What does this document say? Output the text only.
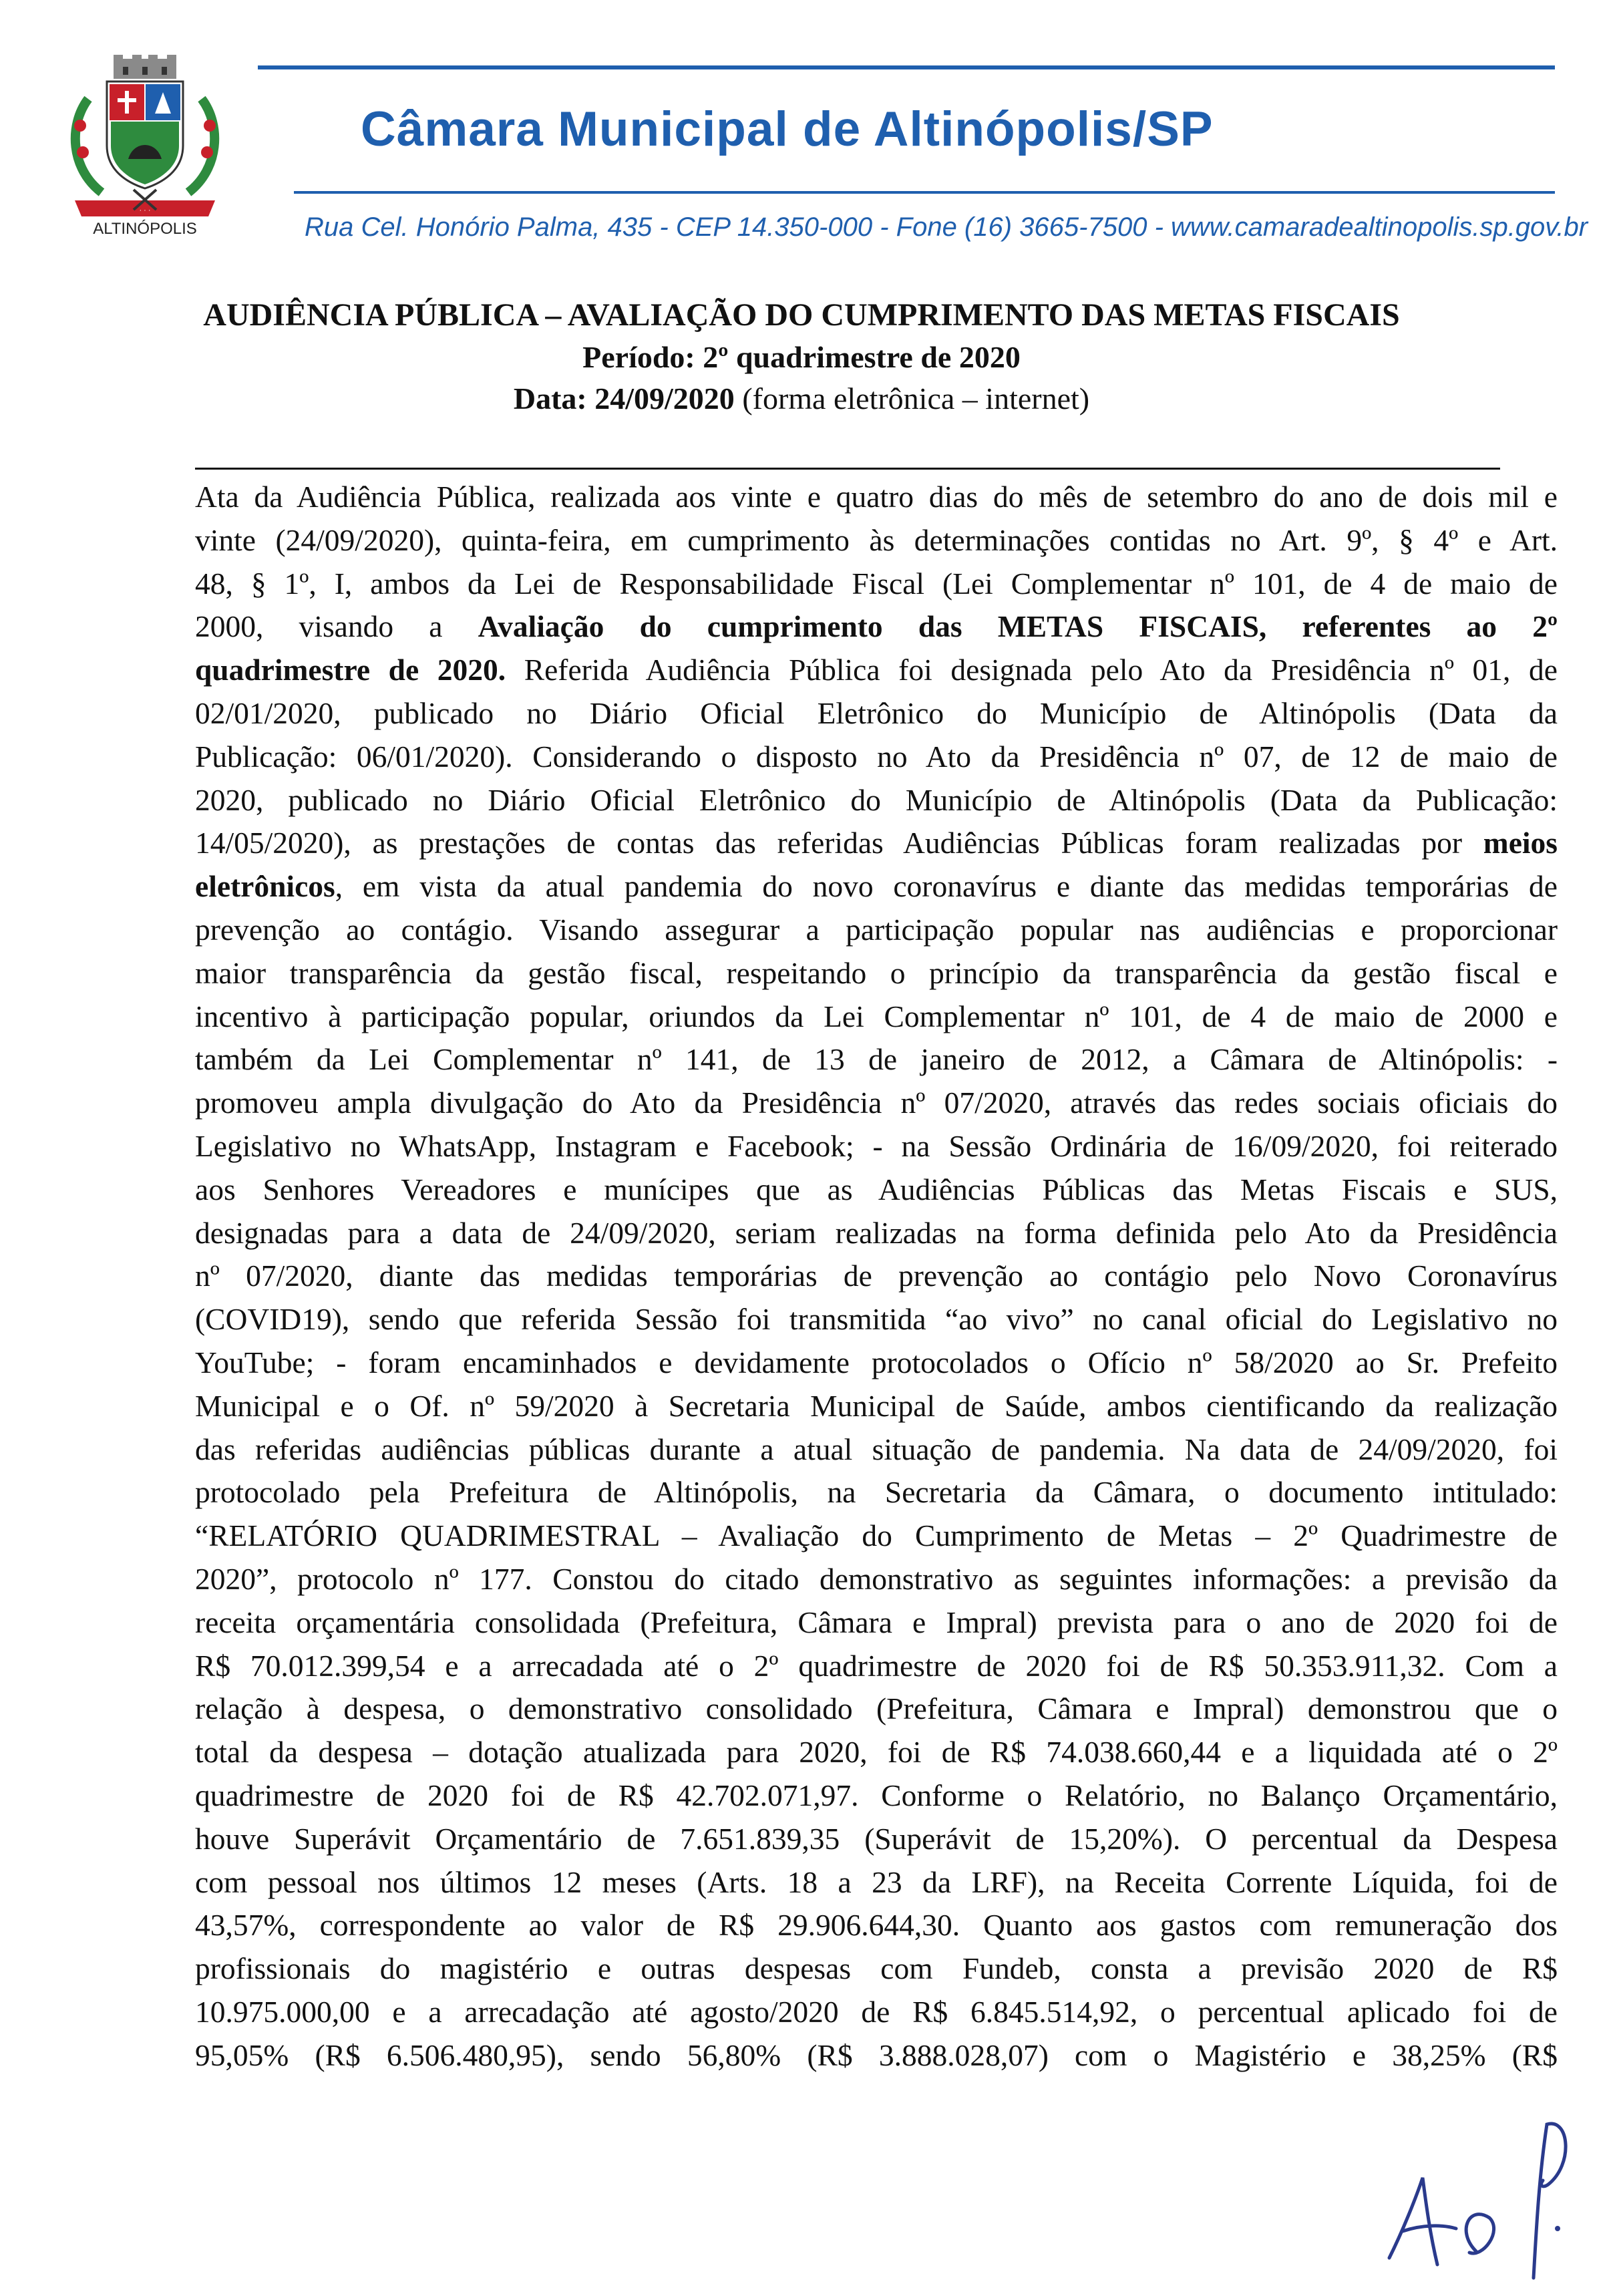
· · ·
ALTINÓPOLIS
Câmara Municipal de Altinópolis/SP
Rua Cel. Honório Palma, 435 - CEP 14.350-000 - Fone (16) 3665-7500 - www.camaradealtinopolis.sp.gov.br
AUDIÊNCIA PÚBLICA – AVALIAÇÃO DO CUMPRIMENTO DAS METAS FISCAIS
Período: 2º quadrimestre de 2020
Data: 24/09/2020 (forma eletrônica – internet)
Ata da Audiência Pública, realizada aos vinte e quatro dias do mês de setembro do ano de dois mil e
vinte (24/09/2020), quinta-feira, em cumprimento às determinações contidas no Art. 9º, § 4º e Art.
48, § 1º, I, ambos da Lei de Responsabilidade Fiscal (Lei Complementar nº 101, de 4 de maio de
2000, visando a Avaliação do cumprimento das METAS FISCAIS, referentes ao 2º
quadrimestre de 2020. Referida Audiência Pública foi designada pelo Ato da Presidência nº 01, de
02/01/2020, publicado no Diário Oficial Eletrônico do Município de Altinópolis (Data da
Publicação: 06/01/2020). Considerando o disposto no Ato da Presidência nº 07, de 12 de maio de
2020, publicado no Diário Oficial Eletrônico do Município de Altinópolis (Data da Publicação:
14/05/2020), as prestações de contas das referidas Audiências Públicas foram realizadas por meios
eletrônicos, em vista da atual pandemia do novo coronavírus e diante das medidas temporárias de
prevenção ao contágio. Visando assegurar a participação popular nas audiências e proporcionar
maior transparência da gestão fiscal, respeitando o princípio da transparência da gestão fiscal e
incentivo à participação popular, oriundos da Lei Complementar nº 101, de 4 de maio de 2000 e
também da Lei Complementar nº 141, de 13 de janeiro de 2012, a Câmara de Altinópolis: -
promoveu ampla divulgação do Ato da Presidência nº 07/2020, através das redes sociais oficiais do
Legislativo no WhatsApp, Instagram e Facebook; - na Sessão Ordinária de 16/09/2020, foi reiterado
aos Senhores Vereadores e munícipes que as Audiências Públicas das Metas Fiscais e SUS,
designadas para a data de 24/09/2020, seriam realizadas na forma definida pelo Ato da Presidência
nº 07/2020, diante das medidas temporárias de prevenção ao contágio pelo Novo Coronavírus
(COVID19), sendo que referida Sessão foi transmitida “ao vivo” no canal oficial do Legislativo no
YouTube; - foram encaminhados e devidamente protocolados o Ofício nº 58/2020 ao Sr. Prefeito
Municipal e o Of. nº 59/2020 à Secretaria Municipal de Saúde, ambos cientificando da realização
das referidas audiências públicas durante a atual situação de pandemia. Na data de 24/09/2020, foi
protocolado pela Prefeitura de Altinópolis, na Secretaria da Câmara, o documento intitulado:
“RELATÓRIO QUADRIMESTRAL – Avaliação do Cumprimento de Metas – 2º Quadrimestre de
2020”, protocolo nº 177. Constou do citado demonstrativo as seguintes informações: a previsão da
receita orçamentária consolidada (Prefeitura, Câmara e Impral) prevista para o ano de 2020 foi de
R$ 70.012.399,54 e a arrecadada até o 2º quadrimestre de 2020 foi de R$ 50.353.911,32. Com a
relação à despesa, o demonstrativo consolidado (Prefeitura, Câmara e Impral) demonstrou que o
total da despesa – dotação atualizada para 2020, foi de R$ 74.038.660,44 e a liquidada até o 2º
quadrimestre de 2020 foi de R$ 42.702.071,97. Conforme o Relatório, no Balanço Orçamentário,
houve Superávit Orçamentário de 7.651.839,35 (Superávit de 15,20%). O percentual da Despesa
com pessoal nos últimos 12 meses (Arts. 18 a 23 da LRF), na Receita Corrente Líquida, foi de
43,57%, correspondente ao valor de R$ 29.906.644,30. Quanto aos gastos com remuneração dos
profissionais do magistério e outras despesas com Fundeb, consta a previsão 2020 de R$
10.975.000,00 e a arrecadação até agosto/2020 de R$ 6.845.514,92, o percentual aplicado foi de
95,05% (R$ 6.506.480,95), sendo 56,80% (R$ 3.888.028,07) com o Magistério e 38,25% (R$
